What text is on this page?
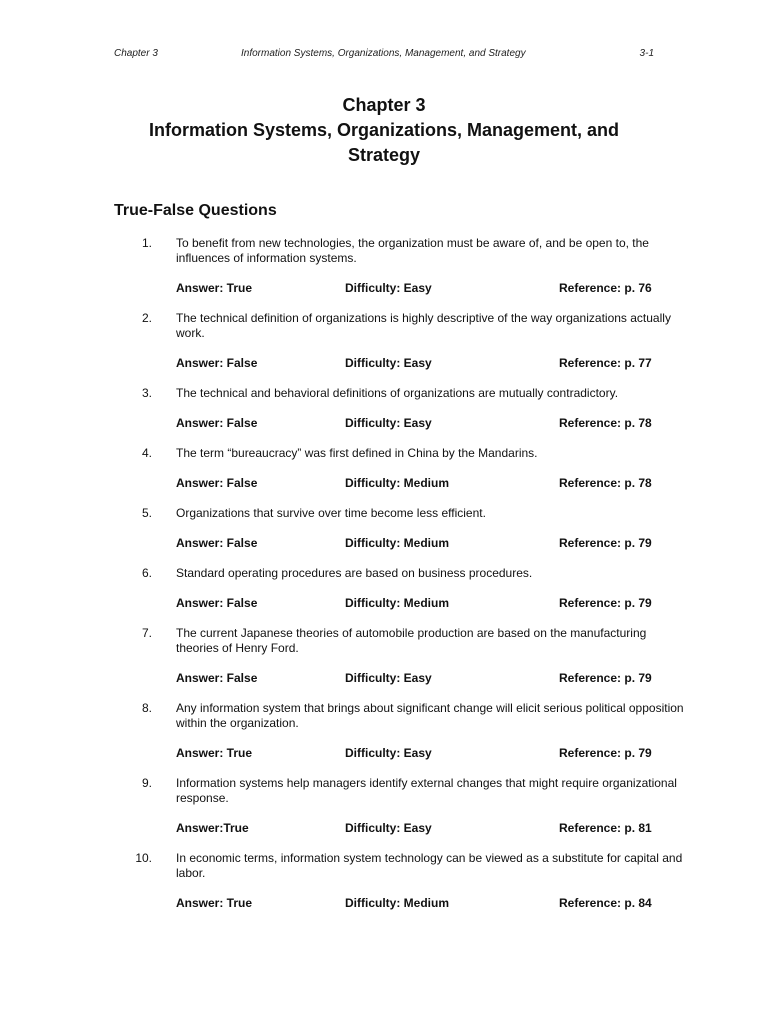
Chapter 3	Information Systems, Organizations, Management, and Strategy	3-1
Chapter 3
Information Systems, Organizations, Management, and
Strategy
True-False Questions
1. To benefit from new technologies, the organization must be aware of, and be open to, the influences of information systems.
Answer: True	Difficulty: Easy	Reference: p. 76
2. The technical definition of organizations is highly descriptive of the way organizations actually work.
Answer: False	Difficulty: Easy	Reference: p. 77
3. The technical and behavioral definitions of organizations are mutually contradictory.
Answer: False	Difficulty: Easy	Reference: p. 78
4. The term “bureaucracy” was first defined in China by the Mandarins.
Answer: False	Difficulty: Medium	Reference: p. 78
5. Organizations that survive over time become less efficient.
Answer: False	Difficulty: Medium	Reference: p. 79
6. Standard operating procedures are based on business procedures.
Answer: False	Difficulty: Medium	Reference: p. 79
7. The current Japanese theories of automobile production are based on the manufacturing theories of Henry Ford.
Answer: False	Difficulty: Easy	Reference: p. 79
8. Any information system that brings about significant change will elicit serious political opposition within the organization.
Answer: True	Difficulty: Easy	Reference: p. 79
9. Information systems help managers identify external changes that might require organizational response.
Answer:True	Difficulty: Easy	Reference: p. 81
10. In economic terms, information system technology can be viewed as a substitute for capital and labor.
Answer: True	Difficulty: Medium	Reference: p. 84
